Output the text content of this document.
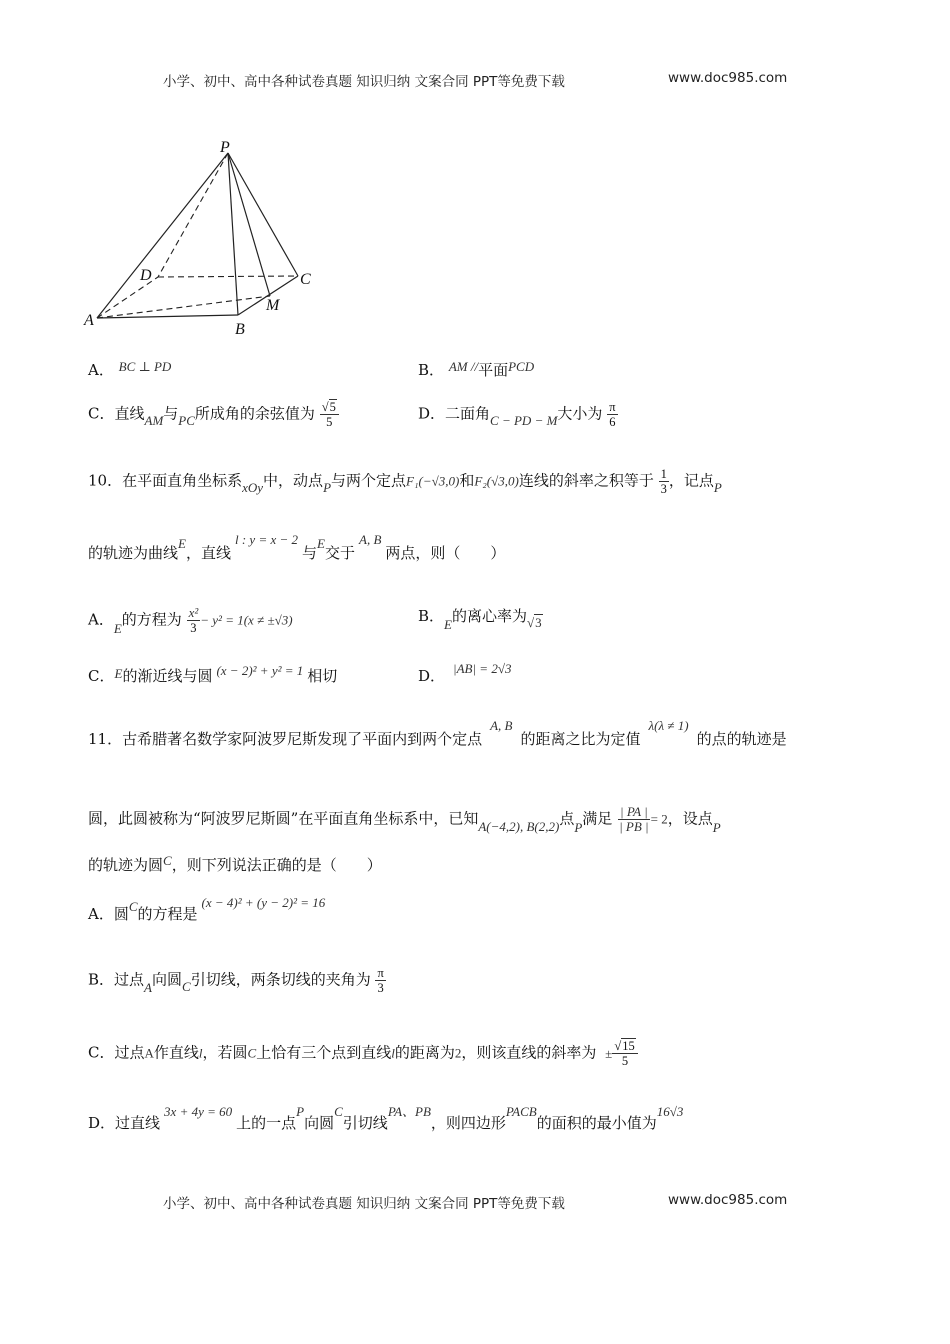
小学、初中、高中各种试卷真题 知识归纳 文案合同 PPT等免费下载	www.doc985.com
P
D	C
A
B
M
A． BC ⊥ PD	B． AM //平面PCD
C．直线AM与PC所成角的余弦值为 $\frac{√5}{5}$	D．二面角C − PD − M大小为 $\frac{\pi}{6}$
10．在平面直角坐标系xOy中，动点P与两个定点F₁(−√3,0)和F₂(√3,0)连线的斜率之积等于 $\frac{1}{3}$ ，记点P
的轨迹为曲线E，直线l : y = x − 2与E交于A, B两点，则（　　）
A．E的方程为 $\frac{\text{x²}}{3} - y^2 = 1(x \ne \pm√3)$	B．E的离心率为√3
C．E的渐近线与圆 (x − 2)² + y² = 1 相切	D． |AB| = 2√3
11．古希腊著名数学家阿波罗尼斯发现了平面内到两个定点A, B的距离之比为定值λ(λ ≠ 1)的点的轨迹是
圆，此圆被称为“阿波罗尼斯圆”在平面直角坐标系中，已知A(−4,2), B(2,2)点P满足 $\frac{| PA |}{| PB |} = 2$，设点P
的轨迹为圆C，则下列说法正确的是（　　）
A．圆C的方程是(x − 4)² + (y − 2)² = 16
B．过点A向圆C引切线，两条切线的夹角为 $\frac{\pi}{3}$
C．过点A作直线l，若圆C上恰有三个点到直线l的距离为2，则该直线的斜率为 ± $\frac{√15}{5}$
D．过直线3x + 4y = 60上的一点P向圆C引切线PA、PB，则四边形PACB的面积的最小值为16√3
小学、初中、高中各种试卷真题 知识归纳 文案合同 PPT等免费下载	www.doc985.com
